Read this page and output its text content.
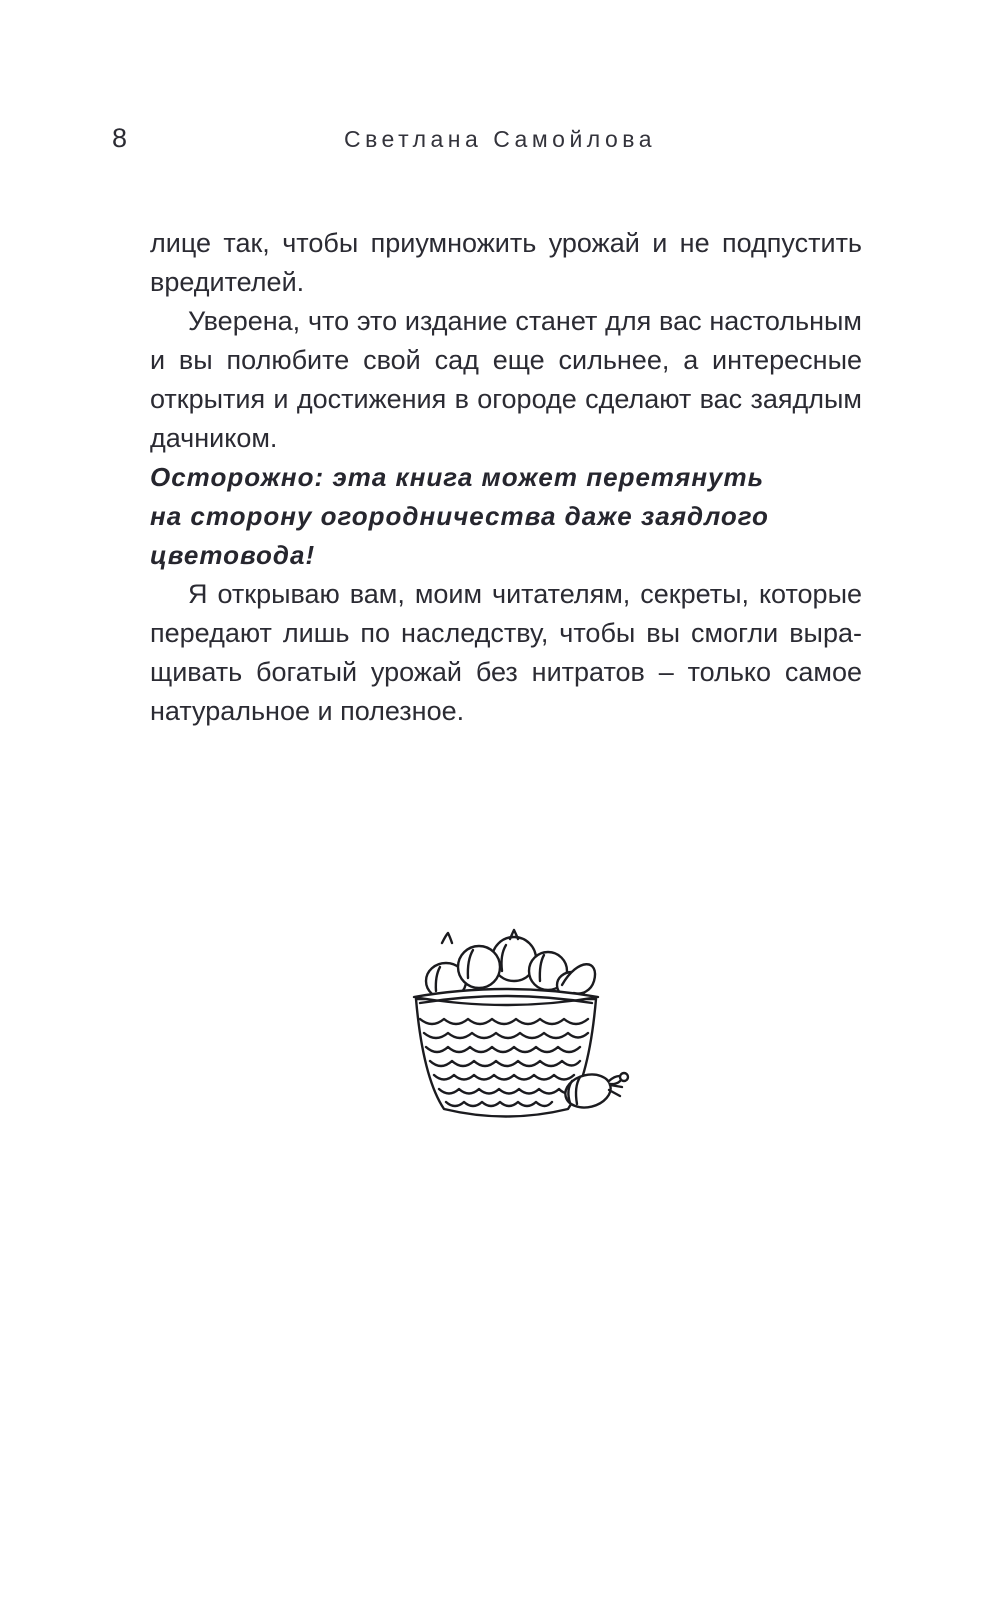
8	Светлана Самойлова

лице так, чтобы приумножить урожай и не подпустить
вредителей.

Уверена, что это издание станет для вас настольным
и вы полюбите свой сад еще сильнее, а интересные
открытия и достижения в огороде сделают вас заядлым
дачником.

Осторожно: эта книга может перетянуть
на сторону огородничества даже заядлого
цветовода!

Я открываю вам, моим читателям, секреты, которые
передают лишь по наследству, чтобы вы смогли выра-
щивать богатый урожай без нитратов – только самое
натуральное и полезное.
